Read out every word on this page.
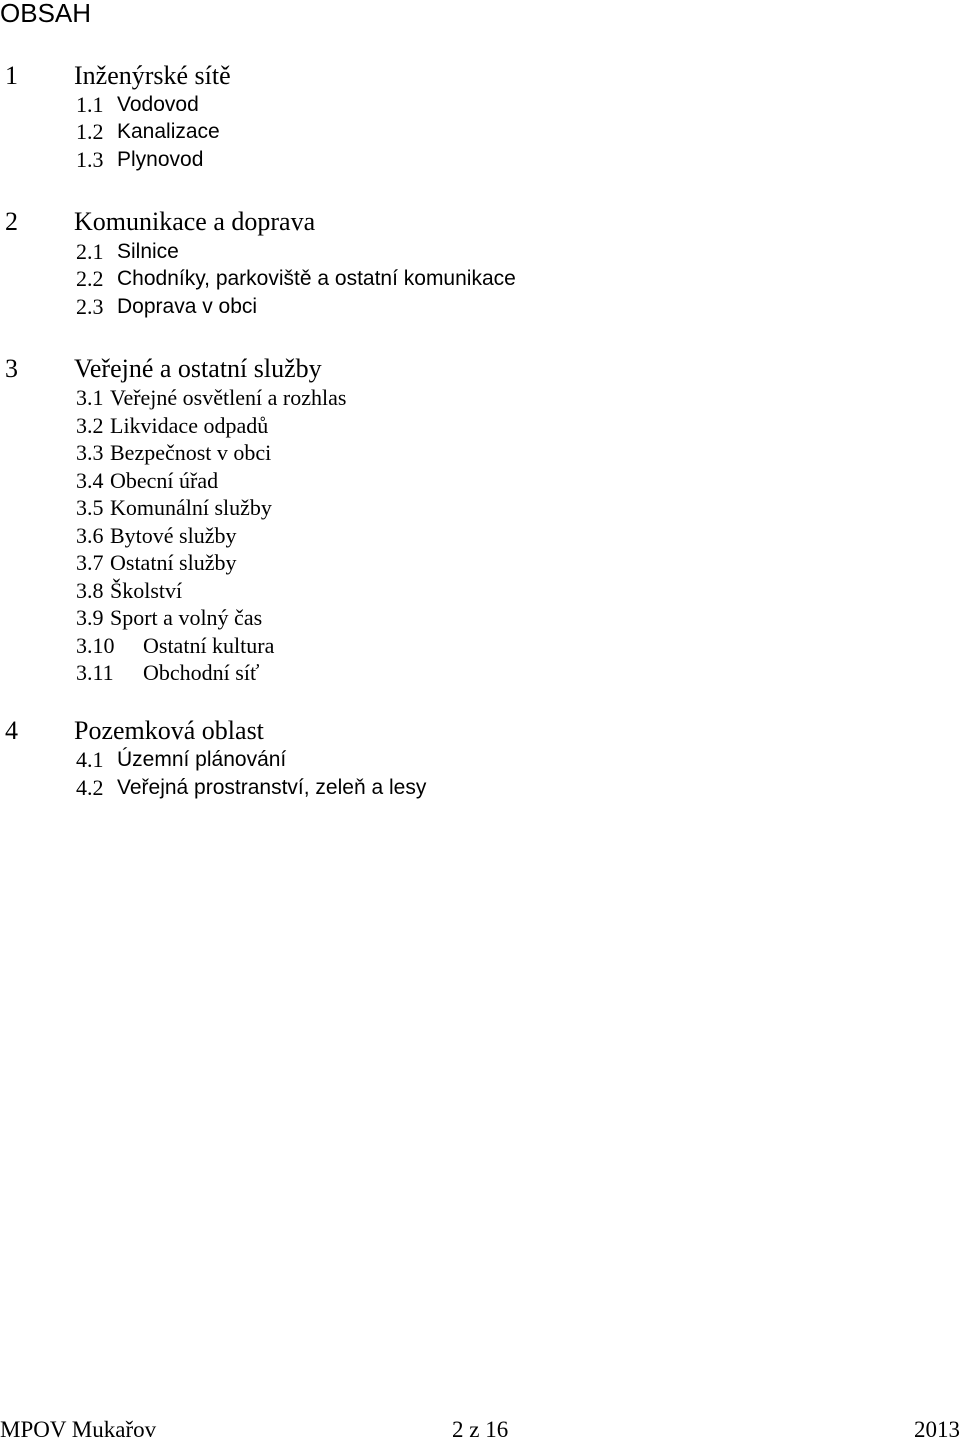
OBSAH
1 Inženýrské sítě
1.1 Vodovod
1.2 Kanalizace
1.3 Plynovod
2 Komunikace a doprava
2.1 Silnice
2.2 Chodníky, parkoviště a ostatní komunikace
2.3 Doprava v obci
3 Veřejné a ostatní služby
3.1 Veřejné osvětlení a rozhlas
3.2 Likvidace odpadů
3.3 Bezpečnost v obci
3.4 Obecní úřad
3.5 Komunální služby
3.6 Bytové služby
3.7 Ostatní služby
3.8 Školství
3.9 Sport a volný čas
3.10 Ostatní kultura
3.11 Obchodní síť
4 Pozemková oblast
4.1 Územní plánování
4.2 Veřejná prostranství, zeleň a lesy
MPOV Mukařov	2 z 16	2013
